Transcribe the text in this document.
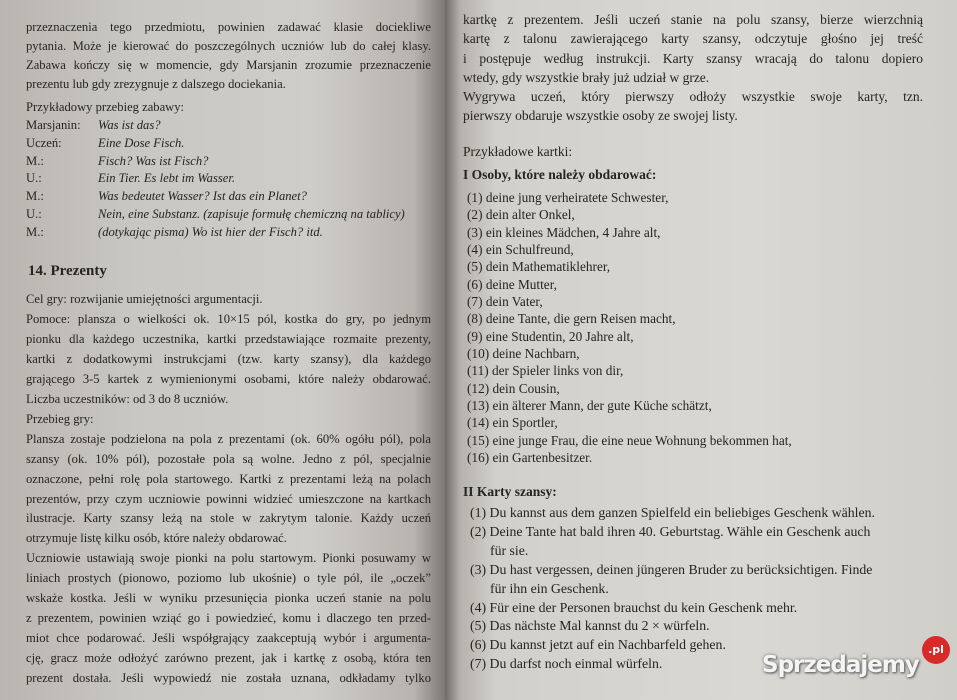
przeznaczenia tego przedmiotu, powinien zadawać klasie dociekliwe
pytania. Może je kierować do poszczególnych uczniów lub do całej klasy.
Zabawa kończy się w momencie, gdy Marsjanin zrozumie przeznaczenie
prezentu lub gdy zrezygnuje z dalszego dociekania.
Przykładowy przebieg zabawy:
Marsjanin:	Was ist das?
Uczeń:	Eine Dose Fisch.
M.:	Fisch? Was ist Fisch?
U.:	Ein Tier. Es lebt im Wasser.
M.:	Was bedeutet Wasser? Ist das ein Planet?
U.:	Nein, eine Substanz. (zapisuje formułę chemiczną na tablicy)
M.:	(dotykając pisma) Wo ist hier der Fisch? itd.
14. Prezenty
Cel gry: rozwijanie umiejętności argumentacji.
Pomoce: plansza o wielkości ok. 10×15 pól, kostka do gry, po jednym
pionku dla każdego uczestnika, kartki przedstawiające rozmaite prezenty,
kartki z dodatkowymi instrukcjami (tzw. karty szansy), dla każdego
grającego 3-5 kartek z wymienionymi osobami, które należy obdarować.
Liczba uczestników: od 3 do 8 uczniów.
Przebieg gry:
Plansza zostaje podzielona na pola z prezentami (ok. 60% ogółu pól), pola
szansy (ok. 10% pól), pozostałe pola są wolne. Jedno z pól, specjalnie
oznaczone, pełni rolę pola startowego. Kartki z prezentami leżą na polach
prezentów, przy czym uczniowie powinni widzieć umieszczone na kartkach
ilustracje. Karty szansy leżą na stole w zakrytym talonie. Każdy uczeń
otrzymuje listę kilku osób, które należy obdarować.
Uczniowie ustawiają swoje pionki na polu startowym. Pionki posuwamy w
liniach prostych (pionowo, poziomo lub ukośnie) o tyle pól, ile „oczek”
wskaże kostka. Jeśli w wyniku przesunięcia pionka uczeń stanie na polu
z prezentem, powinien wziąć go i powiedzieć, komu i dlaczego ten przed-
miot chce podarować. Jeśli współgrający zaakceptują wybór i argumenta-
cję, gracz może odłożyć zarówno prezent, jak i kartkę z osobą, która ten
prezent dostała. Jeśli wypowiedź nie została uznana, odkładamy tylko
kartkę z prezentem. Jeśli uczeń stanie na polu szansy, bierze wierzchnią
kartę z talonu zawierającego karty szansy, odczytuje głośno jej treść
i postępuje według instrukcji. Karty szansy wracają do talonu dopiero
wtedy, gdy wszystkie brały już udział w grze.
Wygrywa uczeń, który pierwszy odłoży wszystkie swoje karty, tzn.
pierwszy obdaruje wszystkie osoby ze swojej listy.
Przykładowe kartki:
I Osoby, które należy obdarować:
(1) deine jung verheiratete Schwester,
(2) dein alter Onkel,
(3) ein kleines Mädchen, 4 Jahre alt,
(4) ein Schulfreund,
(5) dein Mathematiklehrer,
(6) deine Mutter,
(7) dein Vater,
(8) deine Tante, die gern Reisen macht,
(9) eine Studentin, 20 Jahre alt,
(10) deine Nachbarn,
(11) der Spieler links von dir,
(12) dein Cousin,
(13) ein älterer Mann, der gute Küche schätzt,
(14) ein Sportler,
(15) eine junge Frau, die eine neue Wohnung bekommen hat,
(16) ein Gartenbesitzer.
II Karty szansy:
(1) Du kannst aus dem ganzen Spielfeld ein beliebiges Geschenk wählen.
(2) Deine Tante hat bald ihren 40. Geburtstag. Wähle ein Geschenk auch
für sie.
(3) Du hast vergessen, deinen jüngeren Bruder zu berücksichtigen. Finde
für ihn ein Geschenk.
(4) Für eine der Personen brauchst du kein Geschenk mehr.
(5) Das nächste Mal kannst du 2 × würfeln.
(6) Du kannst jetzt auf ein Nachbarfeld gehen.
(7) Du darfst noch einmal würfeln.	Sprzedajemy
.pl
